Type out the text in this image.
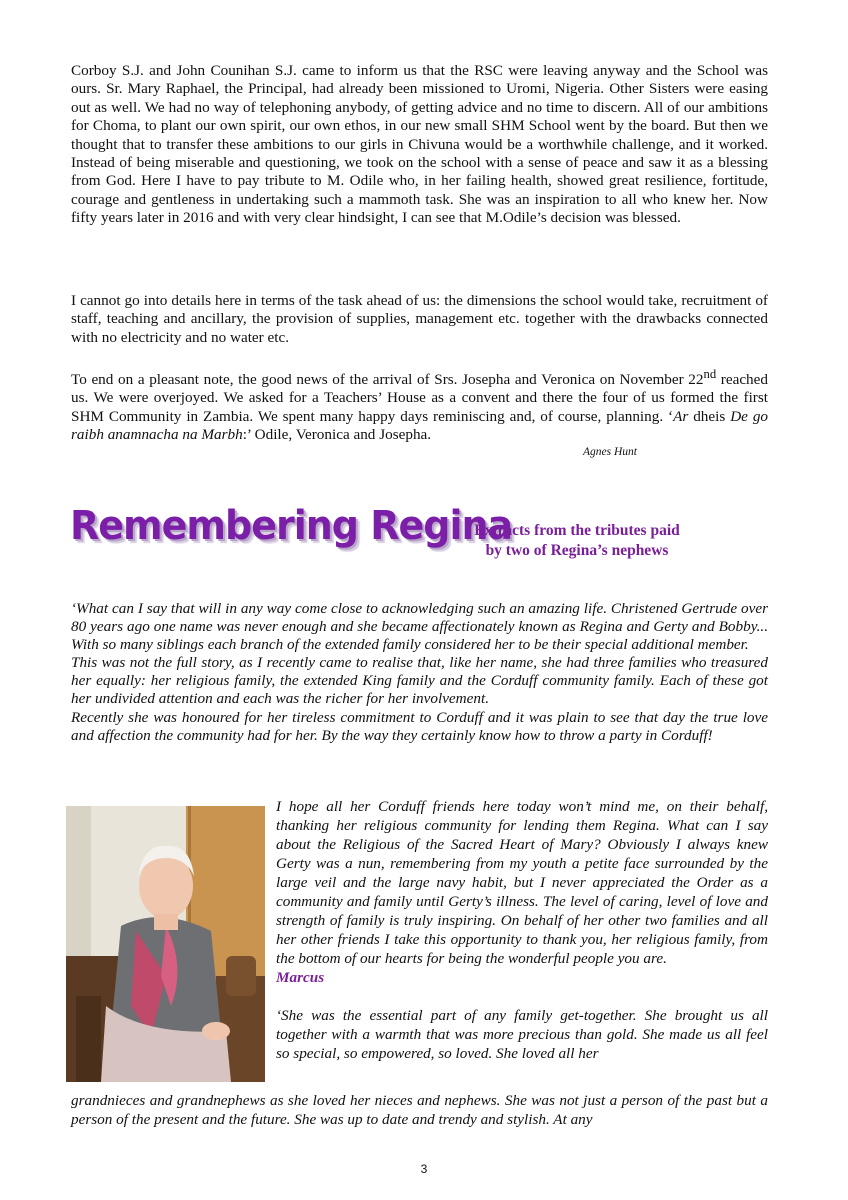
Corboy S.J. and John Counihan S.J. came to inform us that the RSC were leaving anyway and the School was ours. Sr. Mary Raphael, the Principal, had already been missioned to Uromi, Nigeria. Other Sisters were easing out as well. We had no way of telephoning anybody, of getting advice and no time to discern. All of our ambitions for Choma, to plant our own spirit, our own ethos, in our new small SHM School went by the board. But then we thought that to transfer these ambitions to our girls in Chivuna would be a worthwhile challenge, and it worked. Instead of being miserable and questioning, we took on the school with a sense of peace and saw it as a blessing from God. Here I have to pay tribute to M. Odile who, in her failing health, showed great resilience, fortitude, courage and gentleness in undertaking such a mammoth task. She was an inspiration to all who knew her. Now fifty years later in 2016 and with very clear hindsight, I can see that M.Odile’s decision was blessed.

I cannot go into details here in terms of the task ahead of us: the dimensions the school would take, recruitment of staff, teaching and ancillary, the provision of supplies, management etc. together with the drawbacks connected with no electricity and no water etc.

To end on a pleasant note, the good news of the arrival of Srs. Josepha and Veronica on November 22nd reached us. We were overjoyed. We asked for a Teachers’ House as a convent and there the four of us formed the first SHM Community in Zambia. We spent many happy days reminiscing and, of course, planning. ‘Ar dheis De go raibh anamnacha na Marbh:’ Odile, Veronica and Josepha.

Agnes Hunt
Remembering Regina
Extracts from the tributes paid
by two of Regina’s nephews

‘What can I say that will in any way come close to acknowledging such an amazing life. Christened Gertrude over 80 years ago one name was never enough and she became affectionately known as Regina and Gerty and Bobby... With so many siblings each branch of the extended family considered her to be their special additional member.

This was not the full story, as I recently came to realise that, like her name, she had three families who treasured her equally: her religious family, the extended King family and the Corduff community family. Each of these got her undivided attention and each was the richer for her involvement.

Recently she was honoured for her tireless commitment to Corduff and it was plain to see that day the true love and affection the community had for her. By the way they certainly know how to throw a party in Corduff!

I hope all her Corduff friends here today won’t mind me, on their behalf, thanking her religious community for lending them Regina. What can I say about the Religious of the Sacred Heart of Mary? Obviously I always knew Gerty was a nun, remembering from my youth a petite face surrounded by the large veil and the large navy habit, but I never appreciated the Order as a community and family until Gerty’s illness. The level of caring, level of love and strength of family is truly inspiring. On behalf of her other two families and all her other friends I take this opportunity to thank you, her religious family, from the bottom of our hearts for being the wonderful people you are.

Marcus

‘She was the essential part of any family get-together. She brought us all together with a warmth that was more precious than gold. She made us all feel so special, so empowered, so loved. She loved all her

grandnieces and grandnephews as she loved her nieces and nephews. She was not just a person of the past but a person of the present and the future. She was up to date and trendy and stylish. At any

3
